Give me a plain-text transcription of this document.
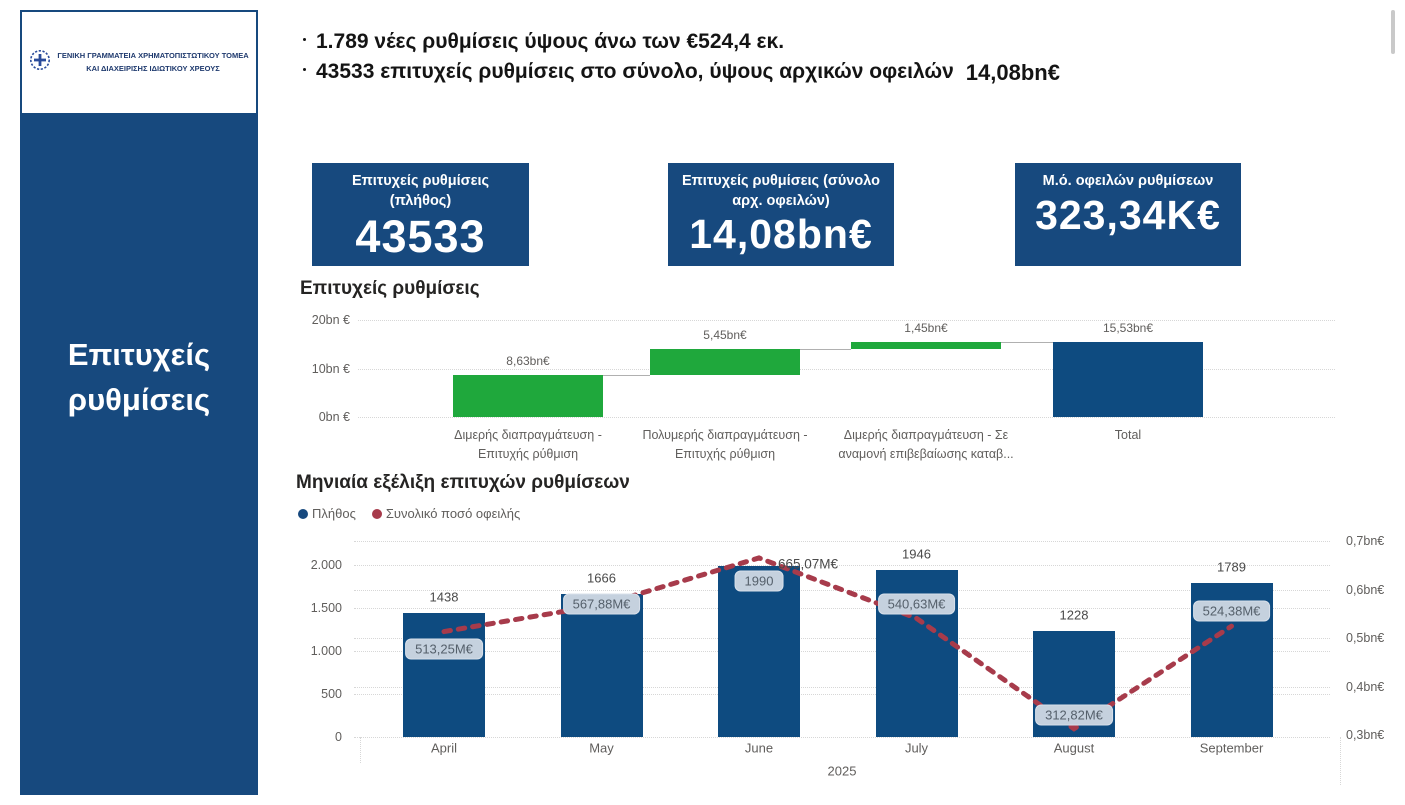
ΓΕΝΙΚΗ ΓΡΑΜΜΑΤΕΙΑ ΧΡΗΜΑΤΟΠΙΣΤΩΤΙΚΟΥ ΤΟΜΕΑ
ΚΑΙ ΔΙΑΧΕΙΡΙΣΗΣ ΙΔΙΩΤΙΚΟΥ ΧΡΕΟΥΣ
Επιτυχείς ρυθμίσεις
1.789 νέες ρυθμίσεις ύψους άνω των €524,4 εκ.
43533 επιτυχείς ρυθμίσεις στο σύνολο, ύψους αρχικών οφειλών 14,08bn€
Επιτυχείς ρυθμίσεις (πλήθος)
43533
Επιτυχείς ρυθμίσεις (σύνολο αρχ. οφειλών)
14,08bn€
Μ.ό. οφειλών ρυθμίσεων
323,34K€
Επιτυχείς ρυθμίσεις
0bn €
10bn €
20bn €
8,63bn€
5,45bn€
1,45bn€	15,53bn€
Διμερής διαπραγμάτευση - Επιτυχής ρύθμιση
Πολυμερής διαπραγμάτευση - Επιτυχής ρύθμιση
Διμερής διαπραγμάτευση - Σε αναμονή επιβεβαίωσης καταβ...
Total
Μηνιαία εξέλιξη επιτυχών ρυθμίσεων
Πλήθος Συνολικό ποσό οφειλής
0
500
1.000
1.500
2.000
0,3bn€
0,4bn€
0,5bn€
0,6bn€
0,7bn€
1438
1666	1990
1946
1228
1789
513,25M€
567,88M€
665,07M€
540,63M€
312,82M€
524,38M€
April	May	June	July	August	September
2025
